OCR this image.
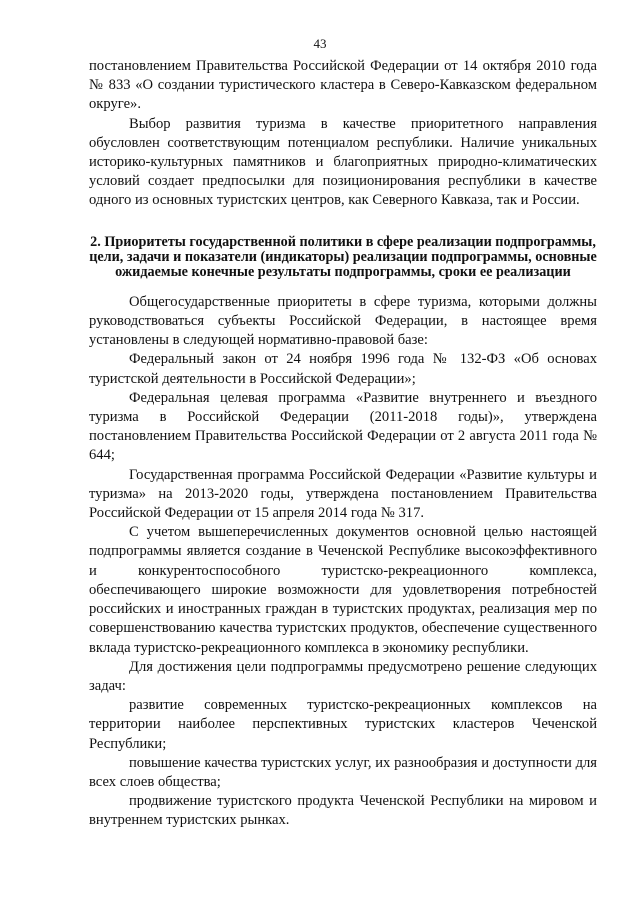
43

постановлением Правительства Российской Федерации от 14 октября 2010 года № 833 «О создании туристического кластера в Северо-Кавказском федеральном округе».

Выбор развития туризма в качестве приоритетного направления обусловлен соответствующим потенциалом республики. Наличие уникальных историко-культурных памятников и благоприятных природно-климатических условий создает предпосылки для позиционирования республики в качестве одного из основных туристских центров, как Северного Кавказа, так и России.

2. Приоритеты государственной политики в сфере реализации подпрограммы, цели, задачи и показатели (индикаторы) реализации подпрограммы, основные ожидаемые конечные результаты подпрограммы, сроки ее реализации

Общегосударственные приоритеты в сфере туризма, которыми должны руководствоваться субъекты Российской Федерации, в настоящее время установлены в следующей нормативно-правовой базе:

Федеральный закон от 24 ноября 1996 года № 132-ФЗ «Об основах туристской деятельности в Российской Федерации»;

Федеральная целевая программа «Развитие внутреннего и въездного туризма в Российской Федерации (2011-2018 годы)», утверждена постановлением Правительства Российской Федерации от 2 августа 2011 года № 644;

Государственная программа Российской Федерации «Развитие культуры и туризма» на 2013-2020 годы, утверждена постановлением Правительства Российской Федерации от 15 апреля 2014 года № 317.

С учетом вышеперечисленных документов основной целью настоящей подпрограммы является создание в Чеченской Республике высокоэффективного и конкурентоспособного туристско-рекреационного комплекса, обеспечивающего широкие возможности для удовлетворения потребностей российских и иностранных граждан в туристских продуктах, реализация мер по совершенствованию качества туристских продуктов, обеспечение существенного вклада туристско-рекреационного комплекса в экономику республики.

Для достижения цели подпрограммы предусмотрено решение следующих задач:

развитие современных туристско-рекреационных комплексов на территории наиболее перспективных туристских кластеров Чеченской Республики;

повышение качества туристских услуг, их разнообразия и доступности для всех слоев общества;

продвижение туристского продукта Чеченской Республики на мировом и внутреннем туристских рынках.
